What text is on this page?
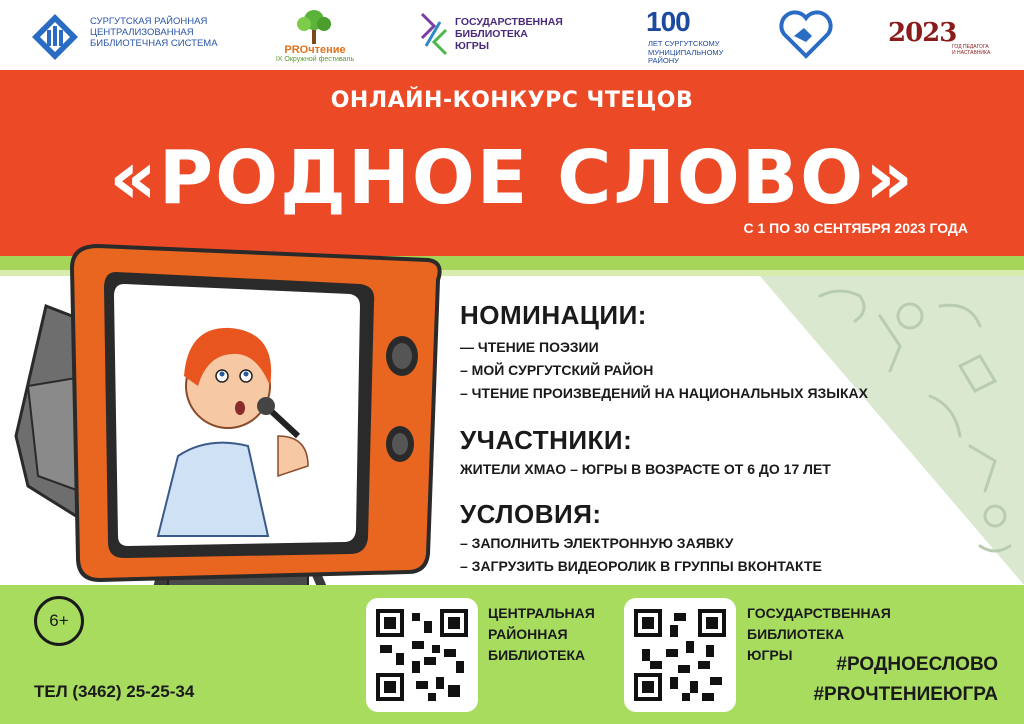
СУРГУТСКАЯ РАЙОННАЯ
ЦЕНТРАЛИЗОВАННАЯ
БИБЛИОТЕЧНАЯ СИСТЕМА
PROчтение
IX Окружной фестиваль
ГОСУДАРСТВЕННАЯ
БИБЛИОТЕКА
ЮГРЫ
100
ЛЕТ СУРГУТСКОМУ
МУНИЦИПАЛЬНОМУ
РАЙОНУ
2023
ГОД ПЕДАГОГА И НАСТАВНИКА
ОНЛАЙН-КОНКУРС ЧТЕЦОВ
«РОДНОЕ СЛОВО»
С 1 ПО 30 СЕНТЯБРЯ 2023 ГОДА
НОМИНАЦИИ:
— ЧТЕНИЕ ПОЭЗИИ
– МОЙ СУРГУТСКИЙ РАЙОН
– ЧТЕНИЕ ПРОИЗВЕДЕНИЙ НА НАЦИОНАЛЬНЫХ ЯЗЫКАХ
УЧАСТНИКИ:
ЖИТЕЛИ ХМАО – ЮГРЫ В ВОЗРАСТЕ ОТ 6 ДО 17 ЛЕТ
УСЛОВИЯ:
– ЗАПОЛНИТЬ ЭЛЕКТРОННУЮ ЗАЯВКУ
– ЗАГРУЗИТЬ ВИДЕОРОЛИК В ГРУППЫ ВКОНТАКТЕ
6+
ТЕЛ (3462) 25-25-34
ЦЕНТРАЛЬНАЯ
РАЙОННАЯ
БИБЛИОТЕКА
ГОСУДАРСТВЕННАЯ
БИБЛИОТЕКА
ЮГРЫ	#РОДНОЕСЛОВО
#PROЧТЕНИЕЮГРА
